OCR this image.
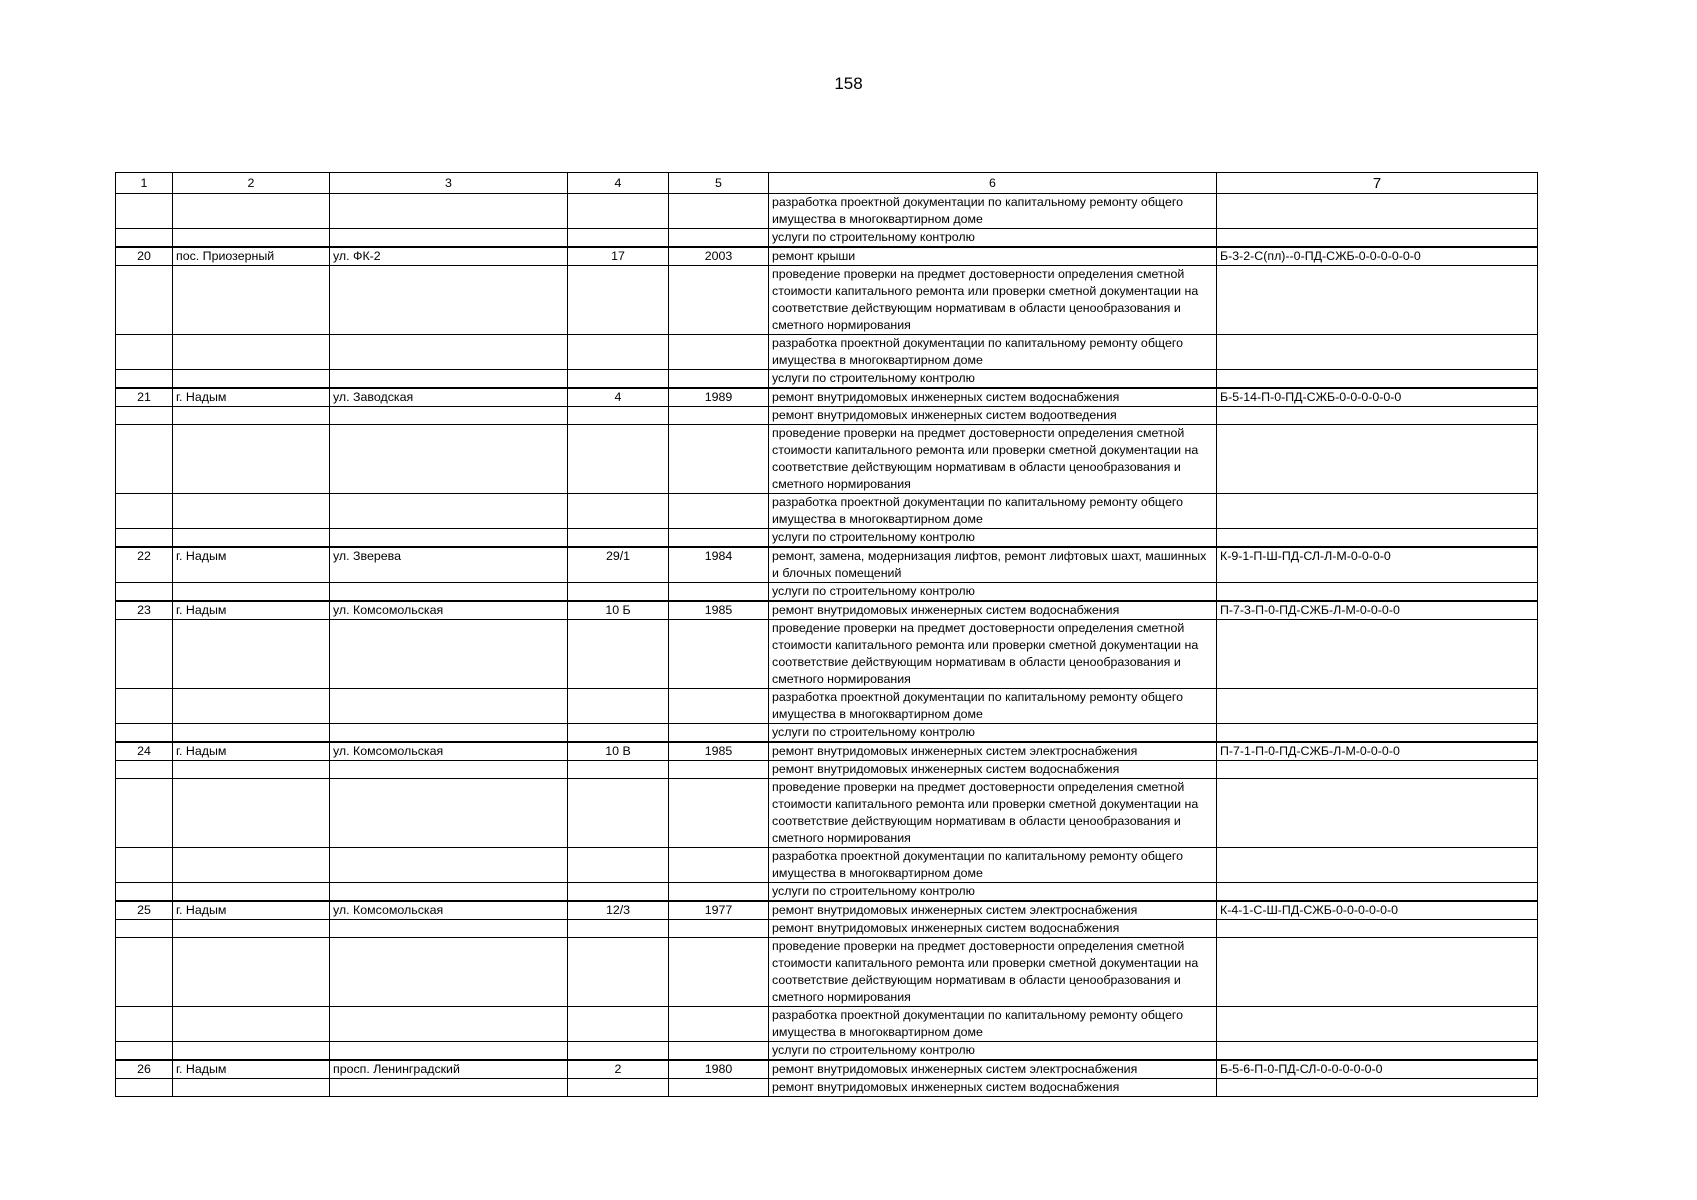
158
1	2	3	4	5	6	7
					разработка проектной документации по капитальному ремонту общего имущества в многоквартирном доме	
					услуги по строительному контролю	
20	пос. Приозерный	ул. ФК-2	17	2003	ремонт крыши	Б-3-2-С(пл)--0-ПД-СЖБ-0-0-0-0-0-0
					проведение проверки на предмет достоверности определения сметной стоимости капитального ремонта или проверки сметной документации на соответствие действующим нормативам в области ценообразования и сметного нормирования	
					разработка проектной документации по капитальному ремонту общего имущества в многоквартирном доме	
					услуги по строительному контролю	
21	г. Надым	ул. Заводская	4	1989	ремонт внутридомовых инженерных систем водоснабжения	Б-5-14-П-0-ПД-СЖБ-0-0-0-0-0-0
					ремонт внутридомовых инженерных систем водоотведения	
					проведение проверки на предмет достоверности определения сметной стоимости капитального ремонта или проверки сметной документации на соответствие действующим нормативам в области ценообразования и сметного нормирования	
					разработка проектной документации по капитальному ремонту общего имущества в многоквартирном доме	
					услуги по строительному контролю	
22	г. Надым	ул. Зверева	29/1	1984	ремонт, замена, модернизация лифтов, ремонт лифтовых шахт, машинных и блочных помещений	К-9-1-П-Ш-ПД-СЛ-Л-М-0-0-0-0
					услуги по строительному контролю	
23	г. Надым	ул. Комсомольская	10 Б	1985	ремонт внутридомовых инженерных систем водоснабжения	П-7-3-П-0-ПД-СЖБ-Л-М-0-0-0-0
					проведение проверки на предмет достоверности определения сметной стоимости капитального ремонта или проверки сметной документации на соответствие действующим нормативам в области ценообразования и сметного нормирования	
					разработка проектной документации по капитальному ремонту общего имущества в многоквартирном доме	
					услуги по строительному контролю	
24	г. Надым	ул. Комсомольская	10 В	1985	ремонт внутридомовых инженерных систем электроснабжения	П-7-1-П-0-ПД-СЖБ-Л-М-0-0-0-0
					ремонт внутридомовых инженерных систем водоснабжения	
					проведение проверки на предмет достоверности определения сметной стоимости капитального ремонта или проверки сметной документации на соответствие действующим нормативам в области ценообразования и сметного нормирования	
					разработка проектной документации по капитальному ремонту общего имущества в многоквартирном доме	
					услуги по строительному контролю	
25	г. Надым	ул. Комсомольская	12/3	1977	ремонт внутридомовых инженерных систем электроснабжения	К-4-1-С-Ш-ПД-СЖБ-0-0-0-0-0-0
					ремонт внутридомовых инженерных систем водоснабжения	
					проведение проверки на предмет достоверности определения сметной стоимости капитального ремонта или проверки сметной документации на соответствие действующим нормативам в области ценообразования и сметного нормирования	
					разработка проектной документации по капитальному ремонту общего имущества в многоквартирном доме	
					услуги по строительному контролю	
26	г. Надым	просп. Ленинградский	2	1980	ремонт внутридомовых инженерных систем электроснабжения	Б-5-6-П-0-ПД-СЛ-0-0-0-0-0-0
					ремонт внутридомовых инженерных систем водоснабжения	
